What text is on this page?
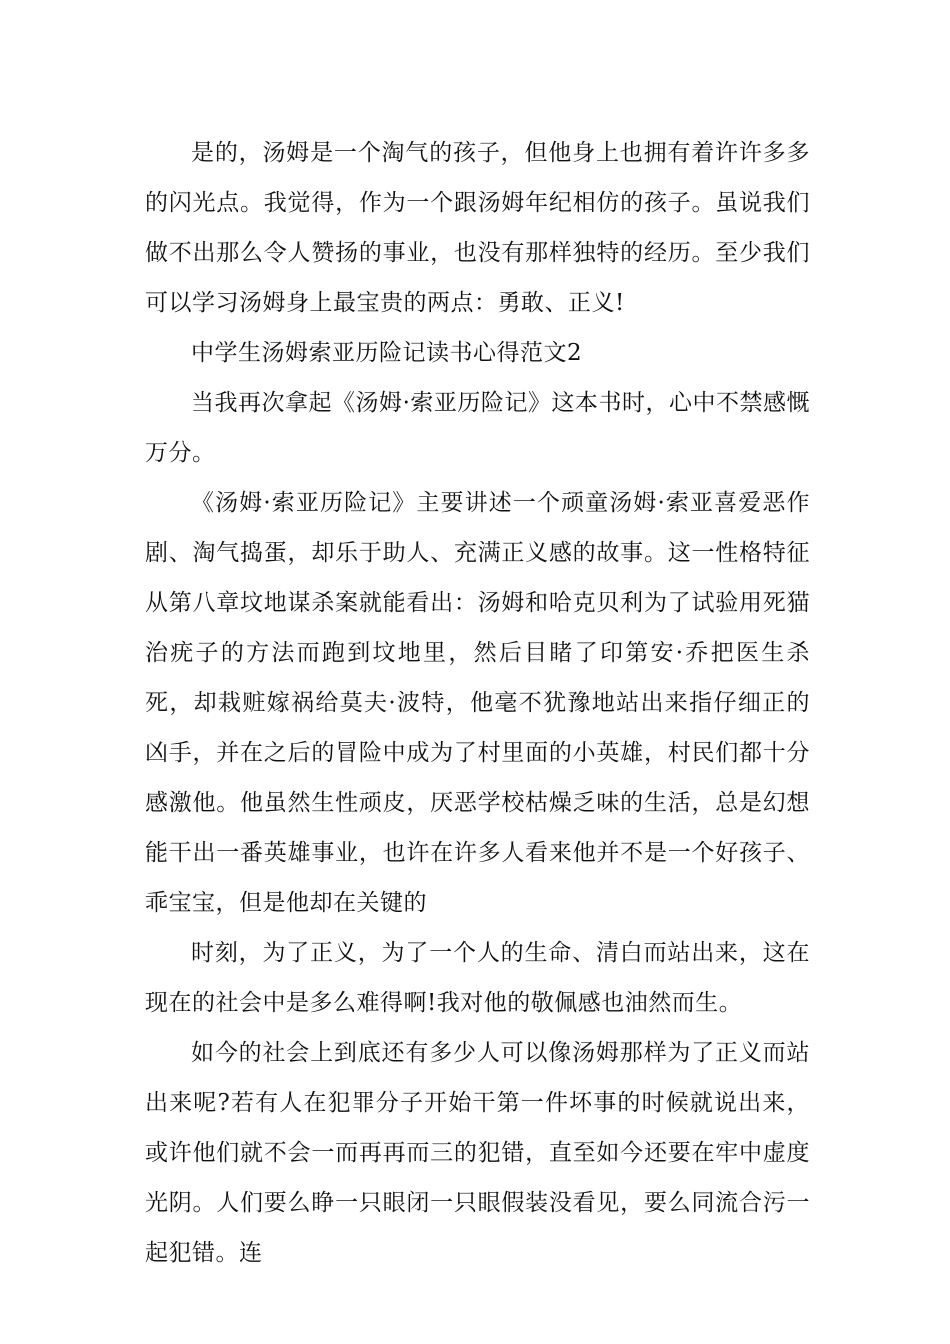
是的，汤姆是一个淘气的孩子，但他身上也拥有着许许多多的闪光点。我觉得，作为一个跟汤姆年纪相仿的孩子。虽说我们做不出那么令人赞扬的事业，也没有那样独特的经历。至少我们可以学习汤姆身上最宝贵的两点：勇敢、正义!

中学生汤姆索亚历险记读书心得范文2

当我再次拿起《汤姆·索亚历险记》这本书时，心中不禁感慨万分。

《汤姆·索亚历险记》主要讲述一个顽童汤姆·索亚喜爱恶作剧、淘气捣蛋，却乐于助人、充满正义感的故事。这一性格特征从第八章坟地谋杀案就能看出：汤姆和哈克贝利为了试验用死猫治疣子的方法而跑到坟地里，然后目睹了印第安·乔把医生杀死，却栽赃嫁祸给莫夫·波特，他毫不犹豫地站出来指仔细正的凶手，并在之后的冒险中成为了村里面的小英雄，村民们都十分感激他。他虽然生性顽皮，厌恶学校枯燥乏味的生活，总是幻想能干出一番英雄事业，也许在许多人看来他并不是一个好孩子、乖宝宝，但是他却在关键的

时刻，为了正义，为了一个人的生命、清白而站出来，这在现在的社会中是多么难得啊!我对他的敬佩感也油然而生。

如今的社会上到底还有多少人可以像汤姆那样为了正义而站出来呢?若有人在犯罪分子开始干第一件坏事的时候就说出来，或许他们就不会一而再再而三的犯错，直至如今还要在牢中虚度光阴。人们要么睁一只眼闭一只眼假装没看见，要么同流合污一起犯错。连
